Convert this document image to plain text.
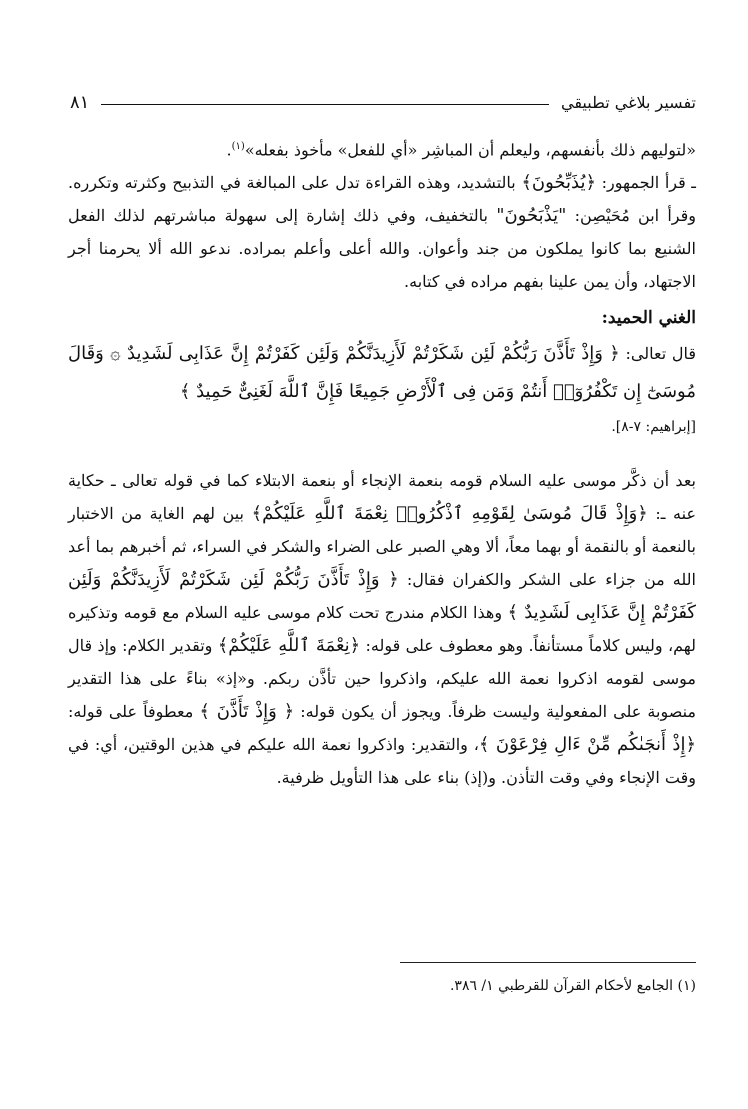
تفسير بلاغي تطبيقي
٨١

«لتوليهم ذلك بأنفسهم، وليعلم أن المباشِر «أي للفعل» مأخوذ بفعله»$^{(١)}$.

ـ قرأ الجمهور: ﴿يُذَبِّحُونَ﴾ بالتشديد، وهذه القراءة تدل على المبالغة في التذبيح وكثرته وتكرره. وقرأ ابن مُحَيْصِن: "يَذْبَحُونَ" بالتخفيف، وفي ذلك إشارة إلى سهولة مباشرتهم لذلك الفعل الشنيع بما كانوا يملكون من جند وأعوان. والله أعلى وأعلم بمراده. ندعو الله ألا يحرمنا أجر الاجتهاد، وأن يمن علينا بفهم مراده في كتابه.

الغني الحميد:

قال تعالى: ﴿ وَإِذْ تَأَذَّنَ رَبُّكُمْ لَئِن شَكَرْتُمْ لَأَزِيدَنَّكُمْ وَلَئِن كَفَرْتُمْ إِنَّ عَذَابِى لَشَدِيدٌ ۞ وَقَالَ مُوسَىٰٓ إِن تَكْفُرُوٓا۟ أَنتُمْ وَمَن فِى ٱلْأَرْضِ جَمِيعًا فَإِنَّ ٱللَّهَ لَغَنِىٌّ حَمِيدٌ ﴾

[إبراهيم: ٧-٨].

بعد أن ذكَّر موسى عليه السلام قومه بنعمة الإنجاء أو بنعمة الابتلاء كما في قوله تعالى ـ حكاية عنه ـ: ﴿وَإِذْ قَالَ مُوسَىٰ لِقَوْمِهِ ٱذْكُرُوا۟ نِعْمَةَ ٱللَّهِ عَلَيْكُمْ﴾ بين لهم الغاية من الاختبار بالنعمة أو بالنقمة أو بهما معاً، ألا وهي الصبر على الضراء والشكر في السراء، ثم أخبرهم بما أعد الله من جزاء على الشكر والكفران فقال: ﴿ وَإِذْ تَأَذَّنَ رَبُّكُمْ لَئِن شَكَرْتُمْ لَأَزِيدَنَّكُمْ وَلَئِن كَفَرْتُمْ إِنَّ عَذَابِى لَشَدِيدٌ ﴾ وهذا الكلام مندرج تحت كلام موسى عليه السلام مع قومه وتذكيره لهم، وليس كلاماً مستأنفاً. وهو معطوف على قوله: ﴿نِعْمَةَ ٱللَّهِ عَلَيْكُمْ﴾ وتقدير الكلام: وإذ قال موسى لقومه اذكروا نعمة الله عليكم، واذكروا حين تأذَّن ربكم. و«إذ» بناءً على هذا التقدير منصوبة على المفعولية وليست ظرفاً. ويجوز أن يكون قوله: ﴿ وَإِذْ تَأَذَّنَ ﴾ معطوفاً على قوله: ﴿إِذْ أَنجَىٰكُم مِّنْ ءَالِ فِرْعَوْنَ ﴾، والتقدير: واذكروا نعمة الله عليكم في هذين الوقتين، أي: في وقت الإنجاء وفي وقت التأذن. و(إذ) بناء على هذا التأويل ظرفية.

(١) الجامع لأحكام القرآن للقرطبي ١/ ٣٨٦.
